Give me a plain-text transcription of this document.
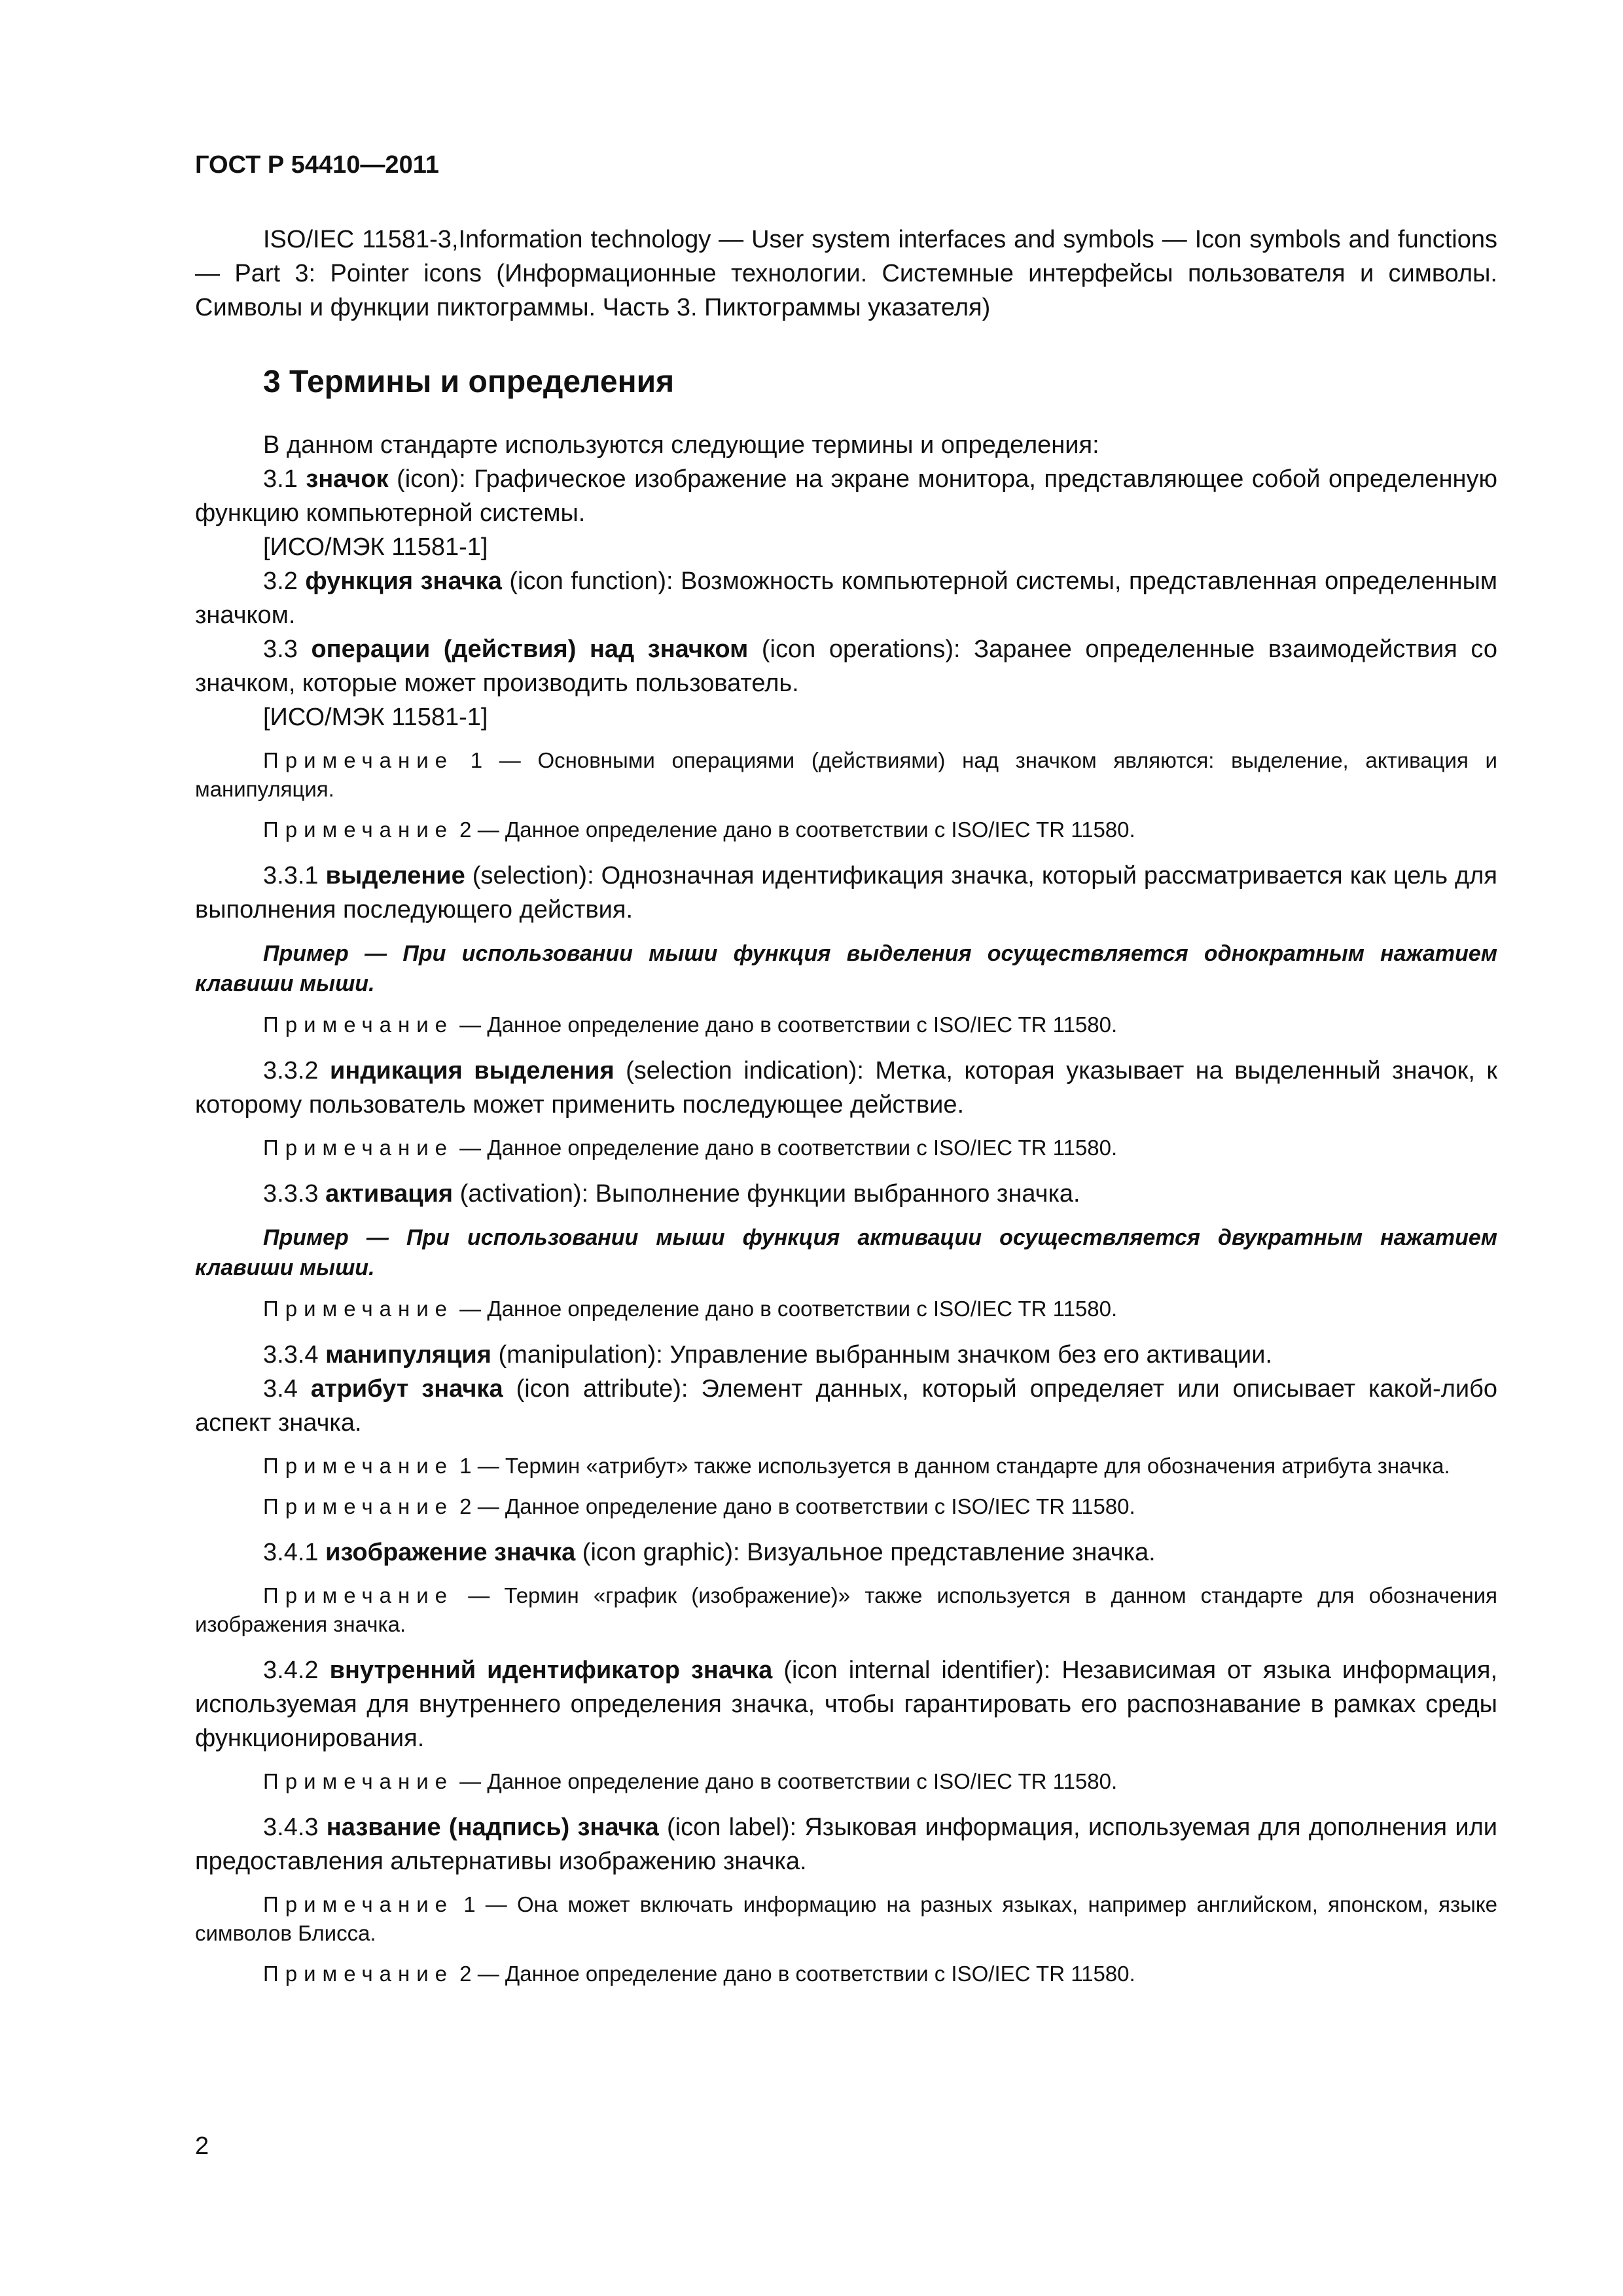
ГОСТ Р 54410—2011

ISO/IEC 11581-3,Information technology — User system interfaces and symbols — Icon symbols and functions — Part 3: Pointer icons (Информационные технологии. Системные интерфейсы пользователя и символы. Символы и функции пиктограммы. Часть 3. Пиктограммы указателя)

3 Термины и определения

В данном стандарте используются следующие термины и определения:

3.1 значок (icon): Графическое изображение на экране монитора, представляющее собой определенную функцию компьютерной системы.

[ИСО/МЭК 11581-1]

3.2 функция значка (icon function): Возможность компьютерной системы, представленная определенным значком.

3.3 операции (действия) над значком (icon operations): Заранее определенные взаимодействия со значком, которые может производить пользователь.

[ИСО/МЭК 11581-1]

Примечание 1 — Основными операциями (действиями) над значком являются: выделение, активация и манипуляция.

Примечание 2 — Данное определение дано в соответствии с ISO/IEC TR 11580.

3.3.1 выделение (selection): Однозначная идентификация значка, который рассматривается как цель для выполнения последующего действия.

Пример — При использовании мыши функция выделения осуществляется однократным нажатием клавиши мыши.

Примечание — Данное определение дано в соответствии с ISO/IEC TR 11580.

3.3.2 индикация выделения (selection indication): Метка, которая указывает на выделенный значок, к которому пользователь может применить последующее действие.

Примечание — Данное определение дано в соответствии с ISO/IEC TR 11580.

3.3.3 активация (activation): Выполнение функции выбранного значка.

Пример — При использовании мыши функция активации осуществляется двукратным нажатием клавиши мыши.

Примечание — Данное определение дано в соответствии с ISO/IEC TR 11580.

3.3.4 манипуляция (manipulation): Управление выбранным значком без его активации.

3.4 атрибут значка (icon attribute): Элемент данных, который определяет или описывает какой-либо аспект значка.

Примечание 1 — Термин «атрибут» также используется в данном стандарте для обозначения атрибута значка.

Примечание 2 — Данное определение дано в соответствии с ISO/IEC TR 11580.

3.4.1 изображение значка (icon graphic): Визуальное представление значка.

Примечание — Термин «график (изображение)» также используется в данном стандарте для обозначения изображения значка.

3.4.2 внутренний идентификатор значка (icon internal identifier): Независимая от языка информация, используемая для внутреннего определения значка, чтобы гарантировать его распознавание в рамках среды функционирования.

Примечание — Данное определение дано в соответствии с ISO/IEC TR 11580.

3.4.3 название (надпись) значка (icon label): Языковая информация, используемая для дополнения или предоставления альтернативы изображению значка.

Примечание 1 — Она может включать информацию на разных языках, например английском, японском, языке символов Блисса.

Примечание 2 — Данное определение дано в соответствии с ISO/IEC TR 11580.

2
